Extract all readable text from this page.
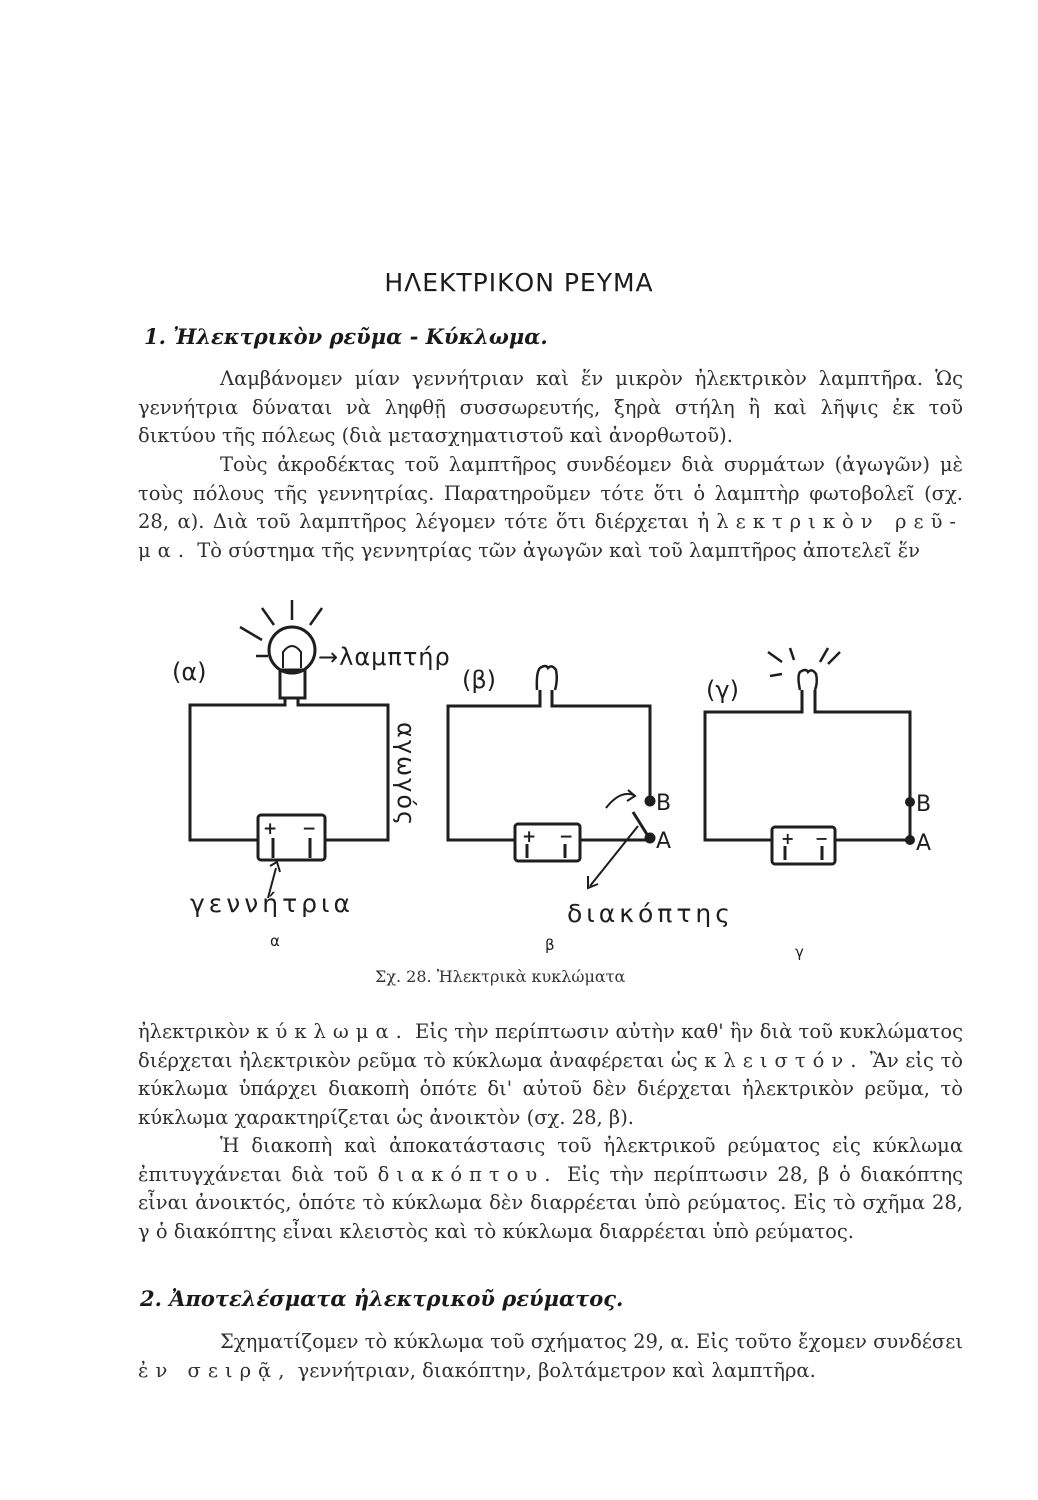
ΗΛΕΚΤΡΙΚΟΝ ΡΕΥΜΑ
1. Ἠλεκτρικὸν ρεῦμα - Κύκλωμα.

Λαμβάνομεν μίαν γεννήτριαν καὶ ἕν μικρὸν ἠλεκτρικὸν λαμπτῆρα. Ὡς γεννήτρια δύναται νὰ ληφθῇ συσσωρευτής, ξηρὰ στήλη ἢ καὶ λῆψις ἐκ τοῦ δικτύου τῆς πόλεως (διὰ μετασχηματιστοῦ καὶ ἀνορθωτοῦ).

Τοὺς ἀκροδέκτας τοῦ λαμπτῆρος συνδέομεν διὰ συρμάτων (ἀγωγῶν) μὲ τοὺς πόλους τῆς γεννητρίας. Παρατηροῦμεν τότε ὅτι ὁ λαμπτὴρ φωτοβολεῖ (σχ. 28, α). Διὰ τοῦ λαμπτῆρος λέγομεν τότε ὅτι διέρχεται ἠλεκτρικὸν ρεῦ-μα. Τὸ σύστημα τῆς γεννητρίας τῶν ἀγωγῶν καὶ τοῦ λαμπτῆρος ἀποτελεῖ ἕν

(α)
→λαμπτήρ
(β)	(γ)
αγωγός
+ −	+ −	+ −
B
A
B
A
γεννήτρια	διακόπτης
α	β	γ
Σχ. 28. Ἠλεκτρικὰ κυκλώματα

ἠλεκτρικὸν κύκλωμα. Εἰς τὴν περίπτωσιν αὐτὴν καθ' ἣν διὰ τοῦ κυκλώματος διέρχεται ἠλεκτρικὸν ρεῦμα τὸ κύκλωμα ἀναφέρεται ὡς κλειστόν. Ἂν εἰς τὸ κύκλωμα ὑπάρχει διακοπὴ ὁπότε δι' αὐτοῦ δὲν διέρχεται ἠλεκτρικὸν ρεῦμα, τὸ κύκλωμα χαρακτηρίζεται ὡς ἀνοικτὸν (σχ. 28, β).

Ἡ διακοπὴ καὶ ἀποκατάστασις τοῦ ἠλεκτρικοῦ ρεύματος εἰς κύκλωμα ἐπιτυγχάνεται διὰ τοῦ διακόπτου. Εἰς τὴν περίπτωσιν 28, β ὁ διακόπτης εἶναι ἀνοικτός, ὁπότε τὸ κύκλωμα δὲν διαρρέεται ὑπὸ ρεύματος. Εἰς τὸ σχῆμα 28, γ ὁ διακόπτης εἶναι κλειστὸς καὶ τὸ κύκλωμα διαρρέεται ὑπὸ ρεύματος.

2. Ἀποτελέσματα ἠλεκτρικοῦ ρεύματος.

Σχηματίζομεν τὸ κύκλωμα τοῦ σχήματος 29, α. Εἰς τοῦτο ἔχομεν συνδέσει ἐν σειρᾷ, γεννήτριαν, διακόπτην, βολτάμετρον καὶ λαμπτῆρα.
